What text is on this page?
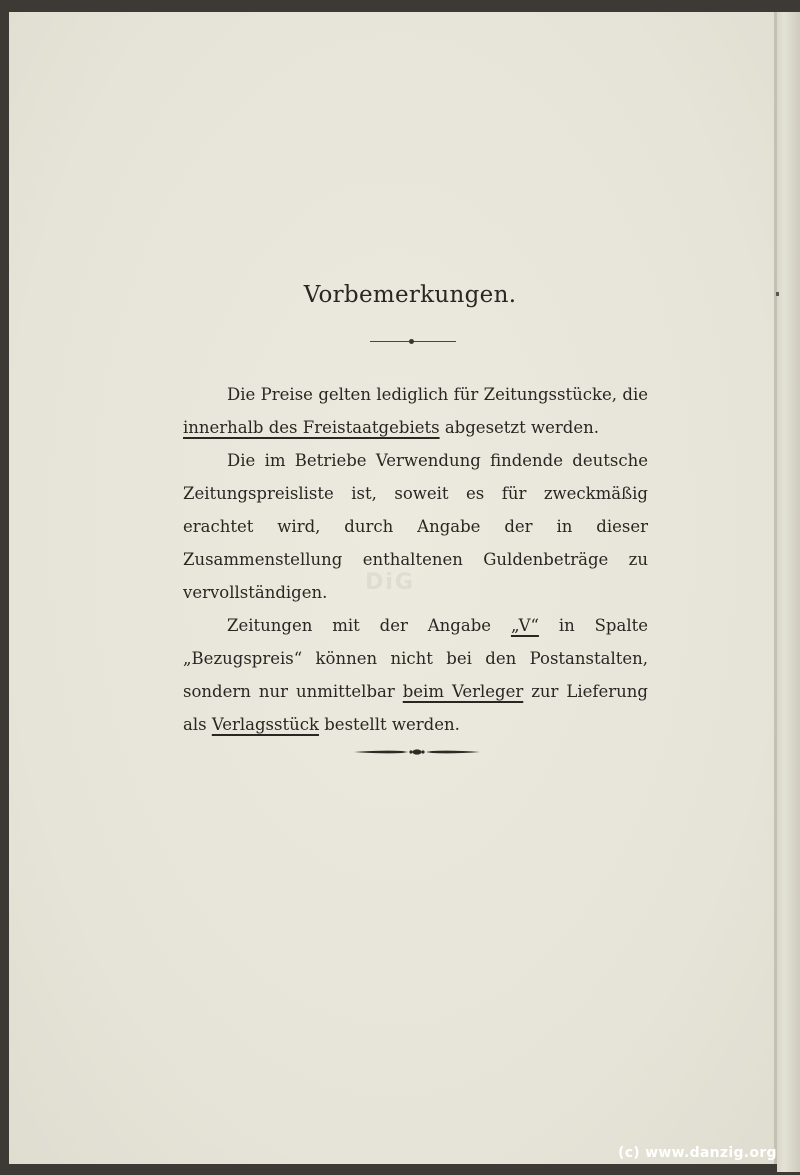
Vorbemerkungen.
DiG

Die Preise gelten lediglich für Zeitungsstücke, die innerhalb des Freistaatgebiets abgesetzt werden.

Die im Betriebe Verwendung findende deutsche Zeitungspreisliste ist, soweit es für zweckmäßig erachtet wird, durch Angabe der in dieser Zusammenstellung enthaltenen Guldenbeträge zu vervollständigen.

Zeitungen mit der Angabe „V“ in Spalte „Bezugspreis“ können nicht bei den Postanstalten, sondern nur unmittelbar beim Verleger zur Lieferung als Verlagsstück bestellt werden.

(c) www.danzig.org
